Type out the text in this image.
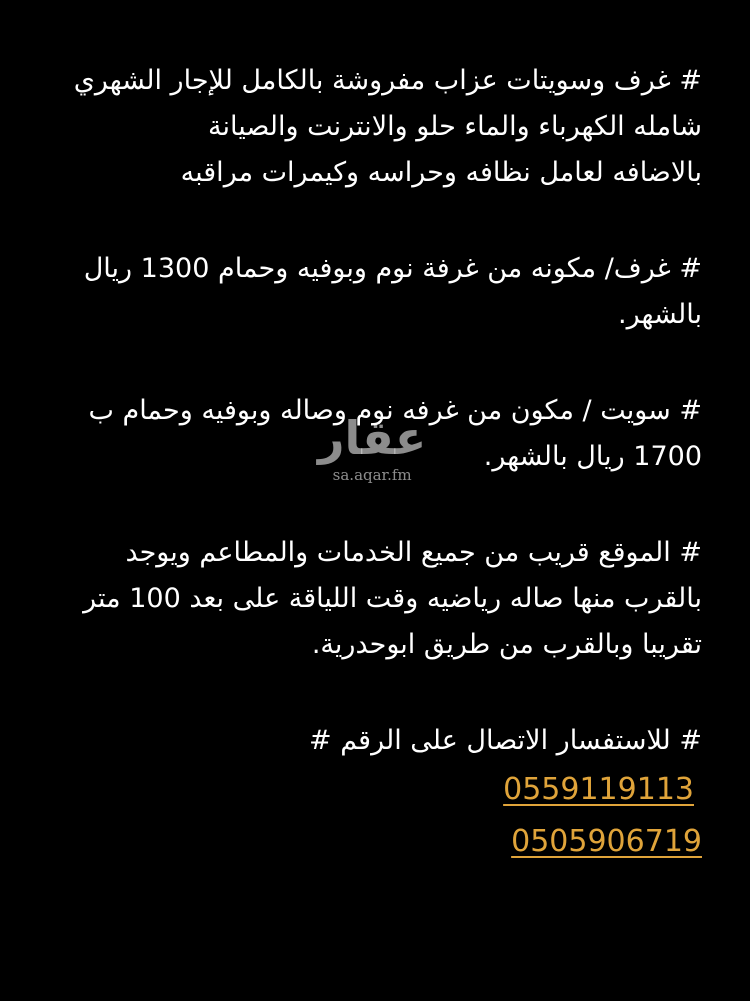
# غرف وسويتات عزاب مفروشة بالكامل للإجار الشهري
شامله الكهرباء والماء حلو والانترنت والصيانة
بالاضافه لعامل نظافه وحراسه وكيمرات مراقبه
# غرف/ مكونه من غرفة نوم وبوفيه وحمام 1300 ريال
بالشهر.
# سويت / مكون من غرفه نوم وصاله وبوفيه وحمام ب
1700 ريال بالشهر.
# الموقع قريب من جميع الخدمات والمطاعم ويوجد
بالقرب منها صاله رياضيه وقت اللياقة على بعد 100 متر
تقريبا وبالقرب من طريق ابوحدرية.
# للاستفسار الاتصال على الرقم #
0559119113
0505906719
عقار
sa.aqar.fm
